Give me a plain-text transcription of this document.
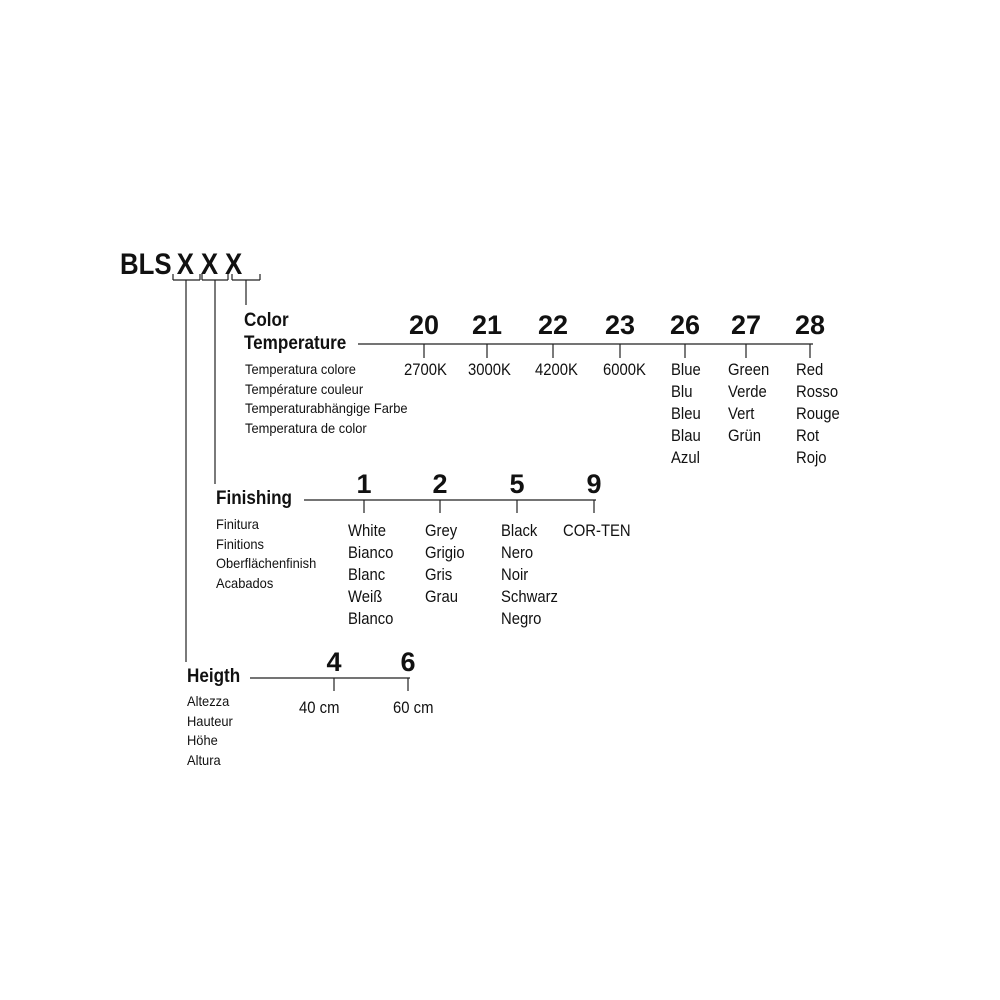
BLS X X X
Color
Temperature
Temperatura colore
Température couleur
Temperaturabhängige Farbe
Temperatura de color
20 21 22 23 26 27 28
2700K 3000K 4200K 6000K Blue
Blu
Bleu
Blau
Azul
Green
Verde
Vert
Grün
Red
Rosso
Rouge
Rot
Rojo
Finishing
Finitura
Finitions
Oberflächenfinish
Acabados
1 2 5 9
White
Bianco
Blanc
Weiß
Blanco
Grey
Grigio
Gris
Grau
Black
Nero
Noir
Schwarz
Negro
COR-TEN
Heigth
Altezza
Hauteur
Höhe
Altura
4 6
40 cm	60 cm
